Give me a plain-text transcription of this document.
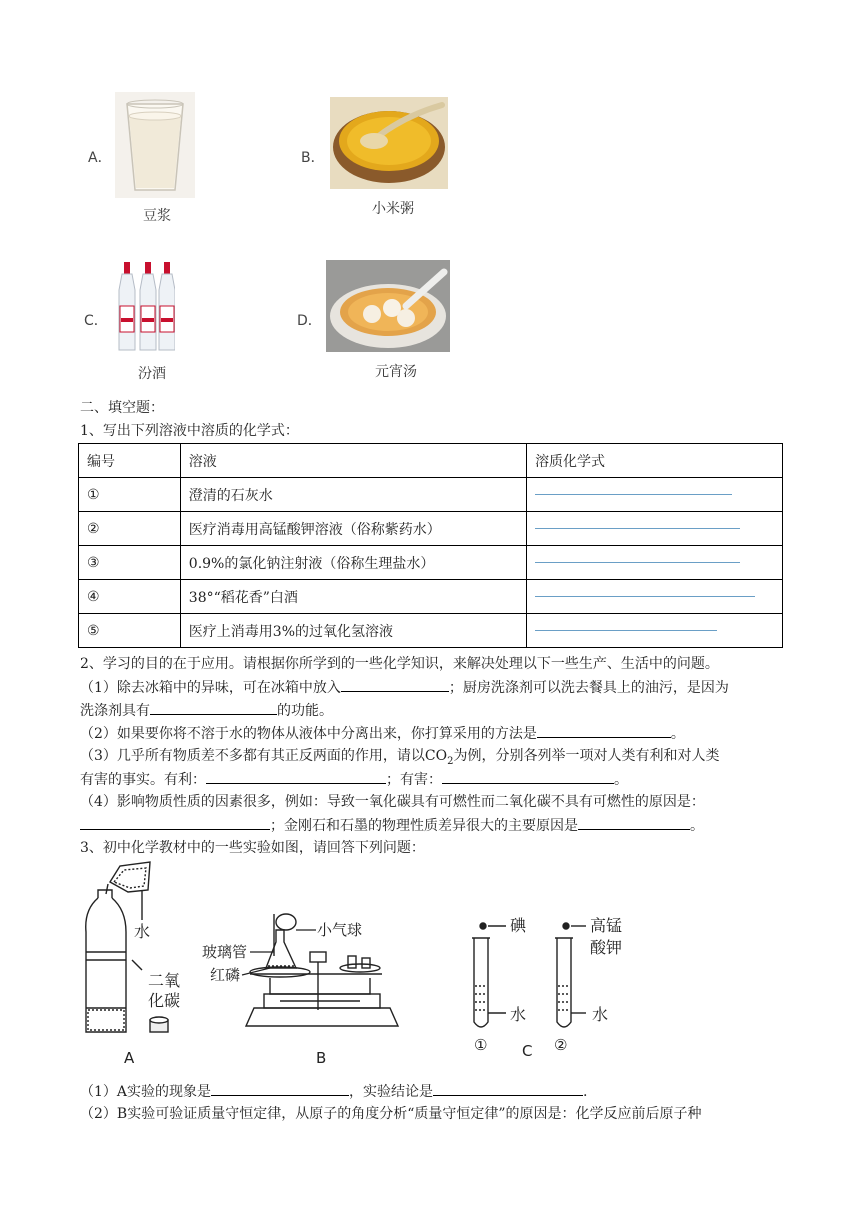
A．
豆浆
B．
小米粥
C．
汾酒
D．
元宵汤
二、填空题：
1、写出下列溶液中溶质的化学式：
编号	溶液	溶质化学式
①	澄清的石灰水	
②	医疗消毒用高锰酸钾溶液（俗称紫药水）	
③	0.9%的氯化钠注射液（俗称生理盐水）	
④	38°“稻花香”白酒	
⑤	医疗上消毒用3%的过氧化氢溶液	
2、学习的目的在于应用。请根据你所学到的一些化学知识，来解决处理以下一些生产、生活中的问题。
（1）除去冰箱中的异味，可在冰箱中放入	；厨房洗涤剂可以洗去餐具上的油污，是因为
洗涤剂具有	的功能。
（2）如果要你将不溶于水的物体从液体中分离出来，你打算采用的方法是	。
（3）几乎所有物质差不多都有其正反两面的作用，请以$CO_2$为例，分别各列举一项对人类有利和对人类
有害的事实。有利：	；有害：	。
（4）影响物质性质的因素很多，例如：导致一氧化碳具有可燃性而二氧化碳不具有可燃性的原因是：
；金刚石和石墨的物理性质差异很大的主要原因是	。
3、初中化学教材中的一些实验如图，请回答下列问题：
水
二氧
化碳
A
玻璃管
小气球
红磷
B
碘	高锰
酸钾
水	水
① C ②
（1）A实验的现象是	，实验结论是	.
（2）B实验可验证质量守恒定律，从原子的角度分析“质量守恒定律”的原因是：化学反应前后原子种
